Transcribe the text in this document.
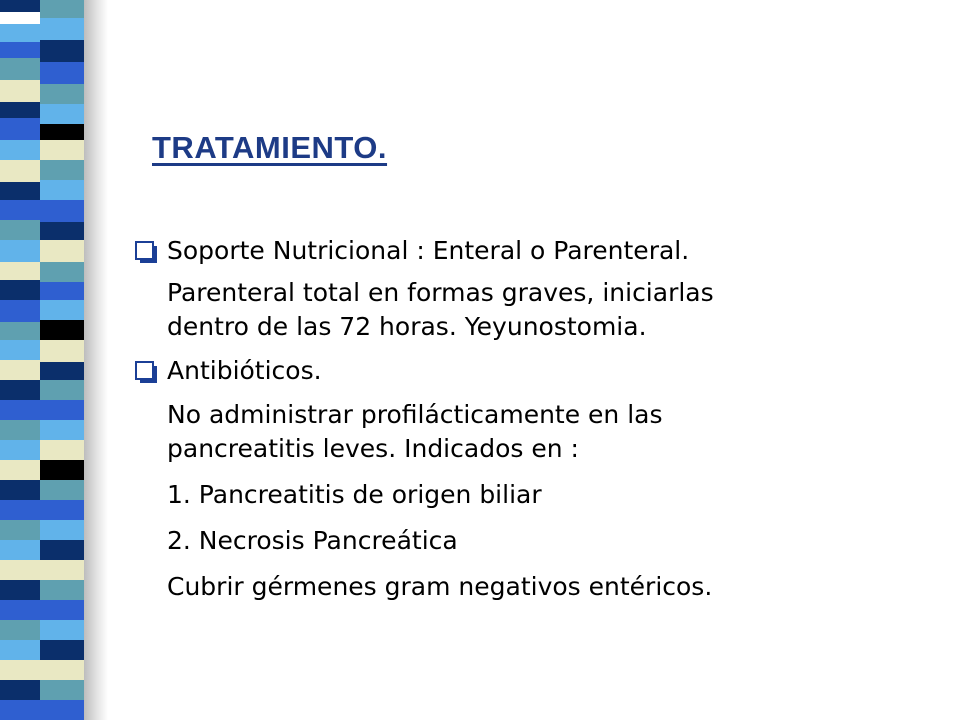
TRATAMIENTO.
Soporte Nutricional : Enteral o Parenteral.
Parenteral total en formas graves, iniciarlas
dentro de las 72 horas. Yeyunostomia.
Antibióticos.
No administrar profilácticamente en las
pancreatitis leves. Indicados en :
1. Pancreatitis de origen biliar
2. Necrosis Pancreática
Cubrir gérmenes gram negativos entéricos.
